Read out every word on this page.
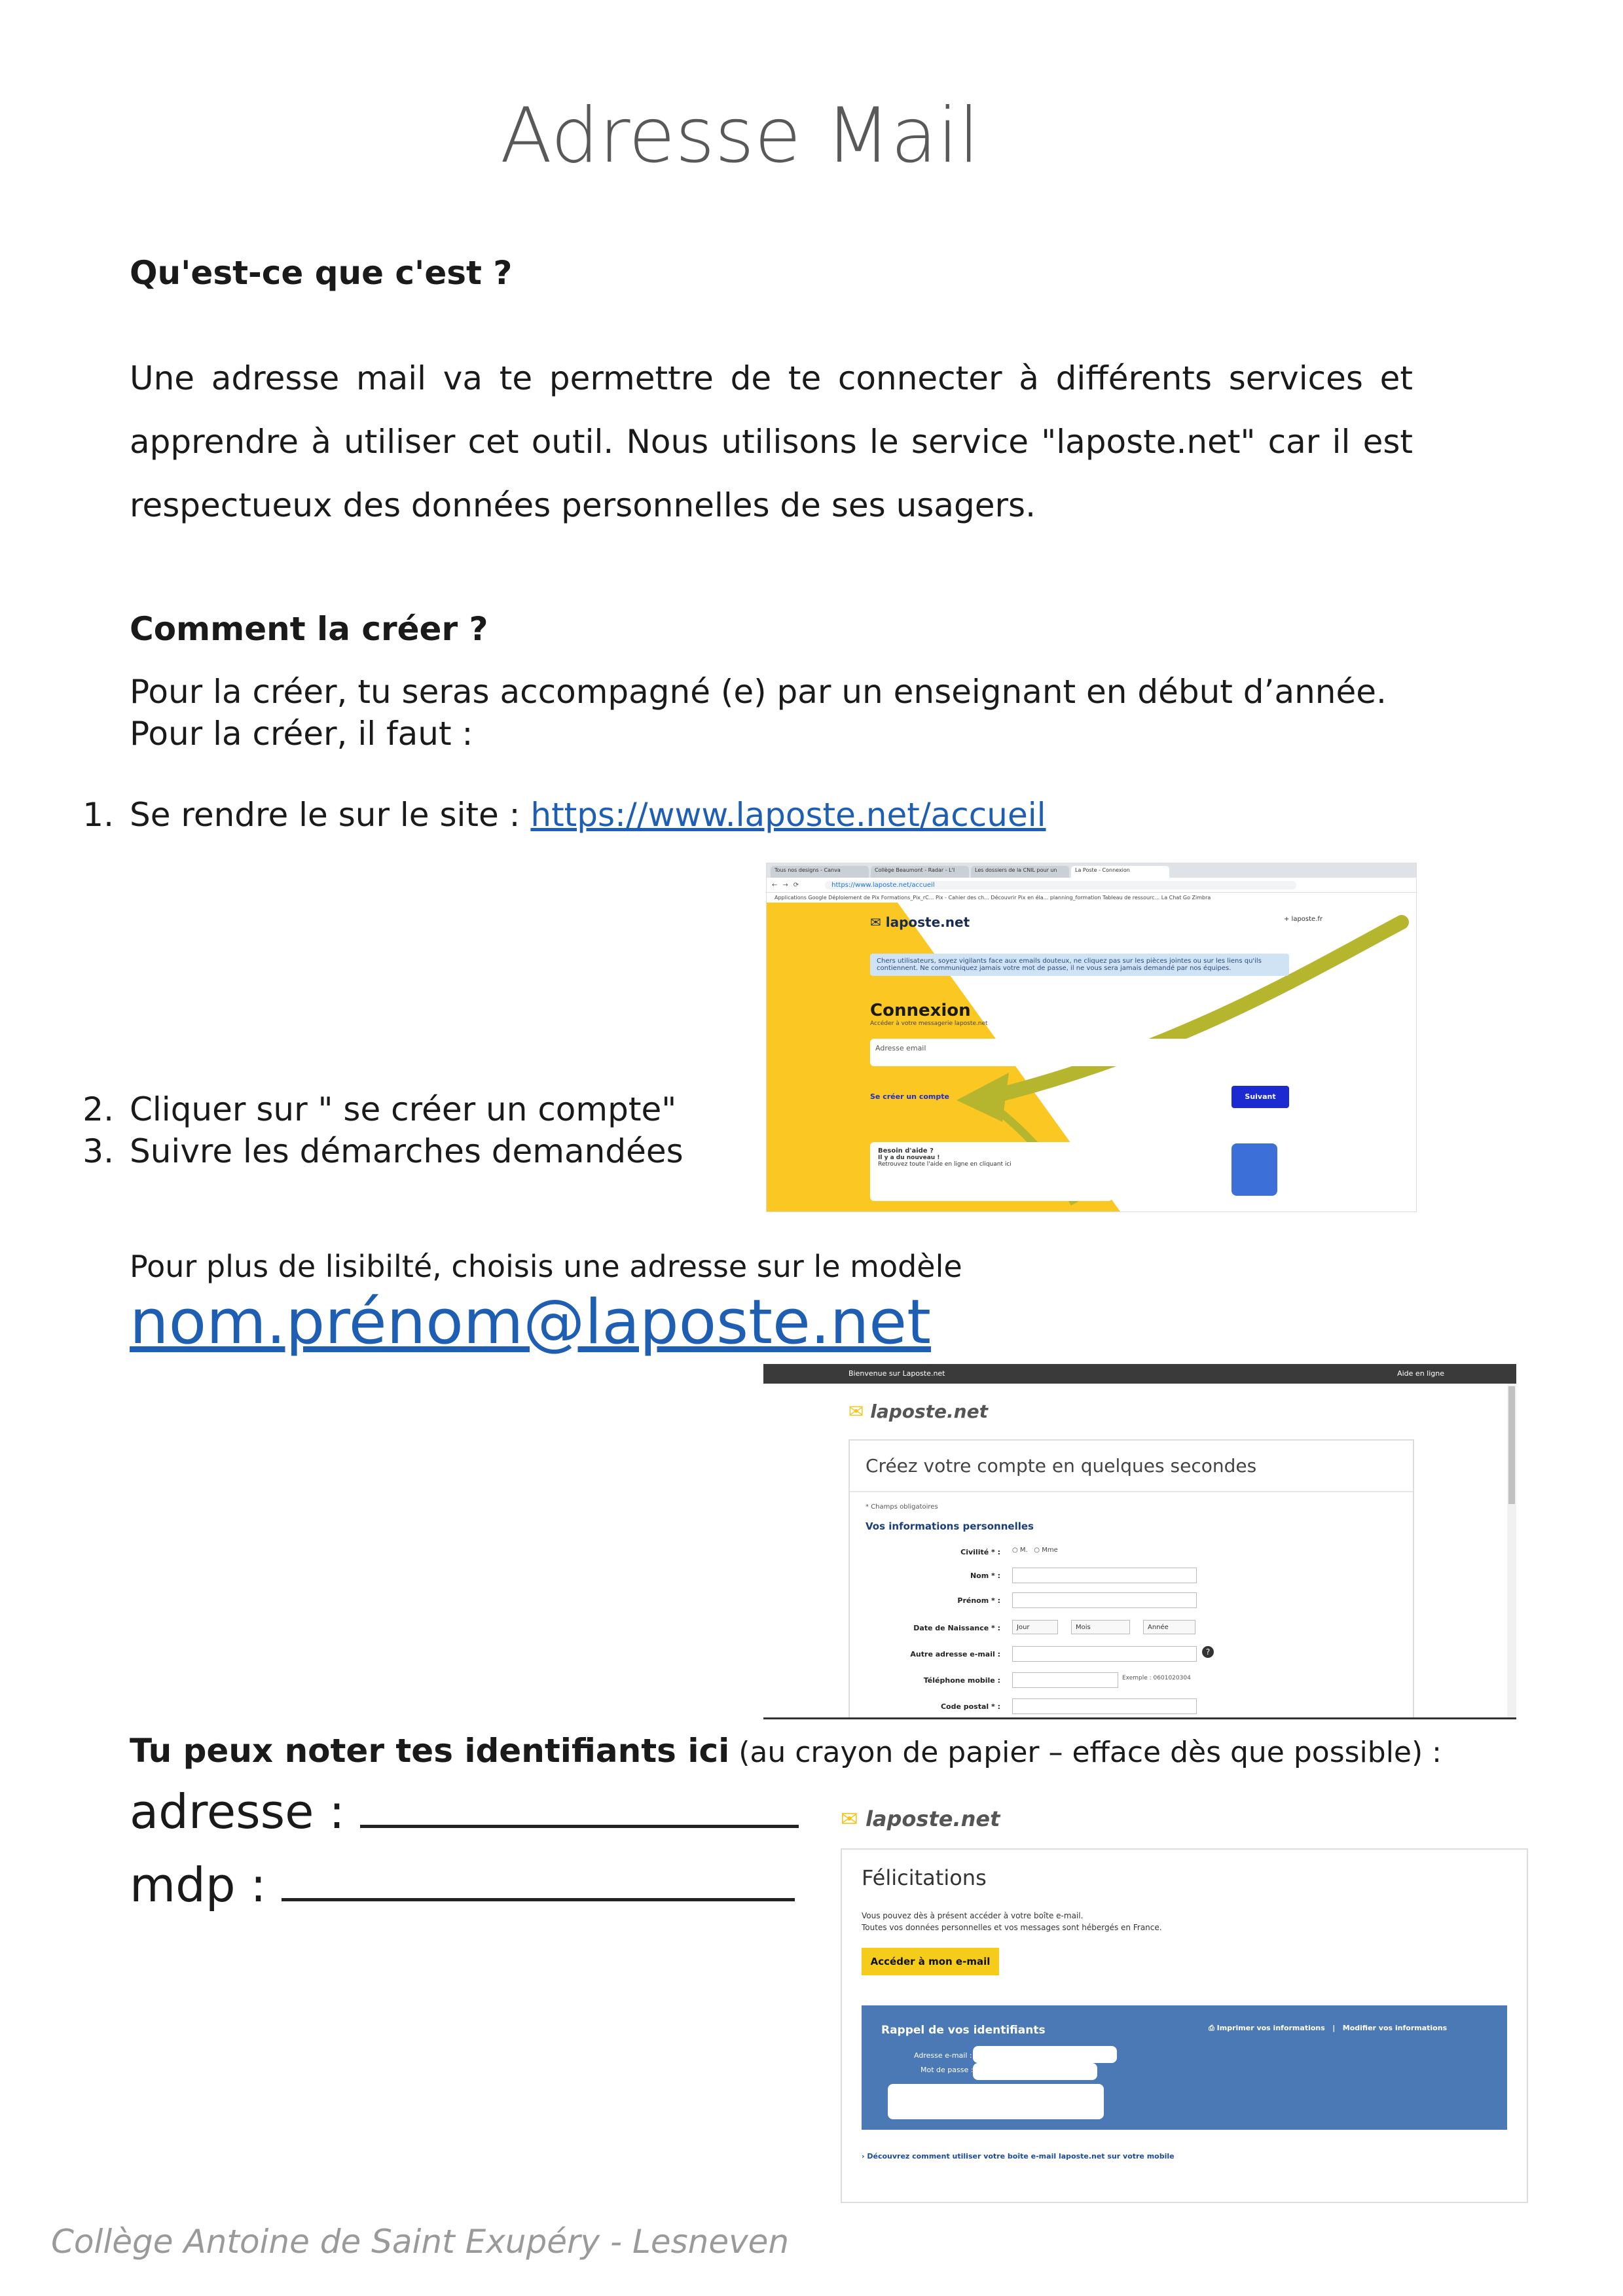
Adresse Mail
Qu'est-ce que c'est ?
Une adresse mail va te permettre de te connecter à différents services et apprendre à utiliser cet outil. Nous utilisons le service "laposte.net" car il est respectueux des données personnelles de ses usagers.
Comment la créer ?
Pour la créer, tu seras accompagné (e) par un enseignant en début d’année.
Pour la créer, il faut :
1. Se rendre le sur le site : https://www.laposte.net/accueil
2. Cliquer sur " se créer un compte"
3. Suivre les démarches demandées
Tous nos designs - Canva	Collège Beaumont - Radar - L'I	Les dossiers de la CNIL pour un	La Poste - Connexion
← → ⟳	https://www.laposte.net/accueil
Applications Google Déploiement de Pix Formations_Pix_rC... Pix - Cahier des ch... Découvrir Pix en éla... planning_formation Tableau de ressourc... La Chat Go Zimbra
✉ laposte.net	+ laposte.fr
Chers utilisateurs, soyez vigilants face aux emails douteux, ne cliquez pas sur les pièces jointes ou sur les liens qu'ils contiennent. Ne communiquez jamais votre mot de passe, il ne vous sera jamais demandé par nos équipes.
Connexion
Accéder à votre messagerie laposte.net
Adresse email
Se créer un compte	Suivant
Besoin d'aide ?
Il y a du nouveau !
Retrouvez toute l'aide en ligne en cliquant ici
Pour plus de lisibilté, choisis une adresse sur le modèle
nom.prénom@laposte.net
Bienvenue sur Laposte.net	Aide en ligne
✉ laposte.net
Créez votre compte en quelques secondes
* Champs obligatoires
Vos informations personnelles
Civilité * : ○ M. ○ Mme
Nom * :
Prénom * :
Date de Naissance * :	Jour	Mois	Année
Autre adresse e-mail :	?
Téléphone mobile :	Exemple : 0601020304
Code postal * :
Tu peux noter tes identifiants ici (au crayon de papier – efface dès que possible) :
adresse :
mdp :
✉ laposte.net
Félicitations
Vous pouvez dès à présent accéder à votre boîte e-mail.
Toutes vos données personnelles et vos messages sont hébergés en France.
Accéder à mon e-mail
Rappel de vos identifiants	⎙ Imprimer vos informations   |   Modifier vos informations
Adresse e-mail :
Mot de passe :
› Découvrez comment utiliser votre boîte e-mail laposte.net sur votre mobile
Collège Antoine de Saint Exupéry - Lesneven
